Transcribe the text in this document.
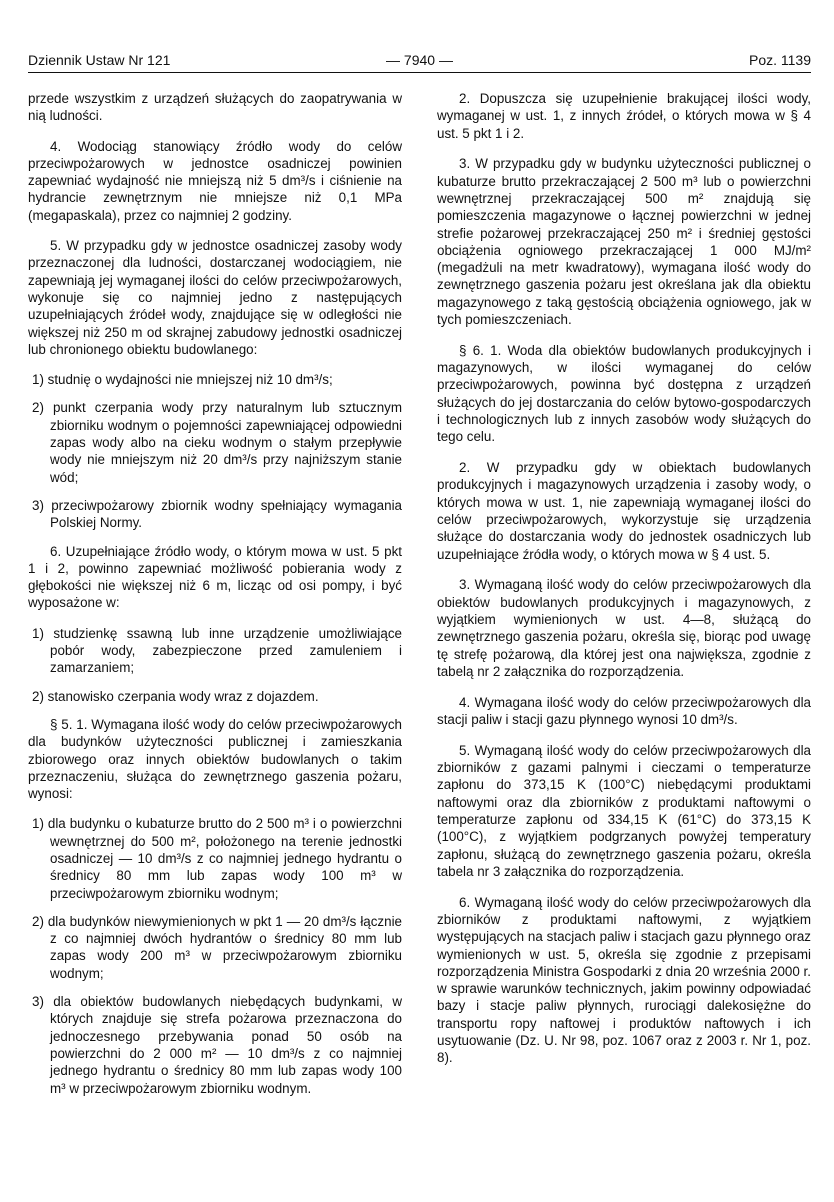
Dziennik Ustaw Nr 121	— 7940 —	Poz. 1139

przede wszystkim z urządzeń służących do zaopatrywania w nią ludności.

4. Wodociąg stanowiący źródło wody do celów przeciwpożarowych w jednostce osadniczej powinien zapewniać wydajność nie mniejszą niż 5 dm³/s i ciśnienie na hydrancie zewnętrznym nie mniejsze niż 0,1 MPa (megapaskala), przez co najmniej 2 godziny.

5. W przypadku gdy w jednostce osadniczej zasoby wody przeznaczonej dla ludności, dostarczanej wodociągiem, nie zapewniają jej wymaganej ilości do celów przeciwpożarowych, wykonuje się co najmniej jedno z następujących uzupełniających źródeł wody, znajdujące się w odległości nie większej niż 250 m od skrajnej zabudowy jednostki osadniczej lub chronionego obiektu budowlanego:

1) studnię o wydajności nie mniejszej niż 10 dm³/s;

2) punkt czerpania wody przy naturalnym lub sztucznym zbiorniku wodnym o pojemności zapewniającej odpowiedni zapas wody albo na cieku wodnym o stałym przepływie wody nie mniejszym niż 20 dm³/s przy najniższym stanie wód;

3) przeciwpożarowy zbiornik wodny spełniający wymagania Polskiej Normy.

6. Uzupełniające źródło wody, o którym mowa w ust. 5 pkt 1 i 2, powinno zapewniać możliwość pobierania wody z głębokości nie większej niż 6 m, licząc od osi pompy, i być wyposażone w:

1) studzienkę ssawną lub inne urządzenie umożliwiające pobór wody, zabezpieczone przed zamuleniem i zamarzaniem;

2) stanowisko czerpania wody wraz z dojazdem.

§ 5. 1. Wymagana ilość wody do celów przeciwpożarowych dla budynków użyteczności publicznej i zamieszkania zbiorowego oraz innych obiektów budowlanych o takim przeznaczeniu, służąca do zewnętrznego gaszenia pożaru, wynosi:

1) dla budynku o kubaturze brutto do 2 500 m³ i o powierzchni wewnętrznej do 500 m², położonego na terenie jednostki osadniczej — 10 dm³/s z co najmniej jednego hydrantu o średnicy 80 mm lub zapas wody 100 m³ w przeciwpożarowym zbiorniku wodnym;

2) dla budynków niewymienionych w pkt 1 — 20 dm³/s łącznie z co najmniej dwóch hydrantów o średnicy 80 mm lub zapas wody 200 m³ w przeciwpożarowym zbiorniku wodnym;

3) dla obiektów budowlanych niebędących budynkami, w których znajduje się strefa pożarowa przeznaczona do jednoczesnego przebywania ponad 50 osób na powierzchni do 2 000 m² — 10 dm³/s z co najmniej jednego hydrantu o średnicy 80 mm lub zapas wody 100 m³ w przeciwpożarowym zbiorniku wodnym.

2. Dopuszcza się uzupełnienie brakującej ilości wody, wymaganej w ust. 1, z innych źródeł, o których mowa w § 4 ust. 5 pkt 1 i 2.

3. W przypadku gdy w budynku użyteczności publicznej o kubaturze brutto przekraczającej 2 500 m³ lub o powierzchni wewnętrznej przekraczającej 500 m² znajdują się pomieszczenia magazynowe o łącznej powierzchni w jednej strefie pożarowej przekraczającej 250 m² i średniej gęstości obciążenia ogniowego przekraczającej 1 000 MJ/m² (megadżuli na metr kwadratowy), wymagana ilość wody do zewnętrznego gaszenia pożaru jest określana jak dla obiektu magazynowego z taką gęstością obciążenia ogniowego, jak w tych pomieszczeniach.

§ 6. 1. Woda dla obiektów budowlanych produkcyjnych i magazynowych, w ilości wymaganej do celów przeciwpożarowych, powinna być dostępna z urządzeń służących do jej dostarczania do celów bytowo-gospodarczych i technologicznych lub z innych zasobów wody służących do tego celu.

2. W przypadku gdy w obiektach budowlanych produkcyjnych i magazynowych urządzenia i zasoby wody, o których mowa w ust. 1, nie zapewniają wymaganej ilości do celów przeciwpożarowych, wykorzystuje się urządzenia służące do dostarczania wody do jednostek osadniczych lub uzupełniające źródła wody, o których mowa w § 4 ust. 5.

3. Wymaganą ilość wody do celów przeciwpożarowych dla obiektów budowlanych produkcyjnych i magazynowych, z wyjątkiem wymienionych w ust. 4—8, służącą do zewnętrznego gaszenia pożaru, określa się, biorąc pod uwagę tę strefę pożarową, dla której jest ona największa, zgodnie z tabelą nr 2 załącznika do rozporządzenia.

4. Wymagana ilość wody do celów przeciwpożarowych dla stacji paliw i stacji gazu płynnego wynosi 10 dm³/s.

5. Wymaganą ilość wody do celów przeciwpożarowych dla zbiorników z gazami palnymi i cieczami o temperaturze zapłonu do 373,15 K (100°C) niebędącymi produktami naftowymi oraz dla zbiorników z produktami naftowymi o temperaturze zapłonu od 334,15 K (61°C) do 373,15 K (100°C), z wyjątkiem podgrzanych powyżej temperatury zapłonu, służącą do zewnętrznego gaszenia pożaru, określa tabela nr 3 załącznika do rozporządzenia.

6. Wymaganą ilość wody do celów przeciwpożarowych dla zbiorników z produktami naftowymi, z wyjątkiem występujących na stacjach paliw i stacjach gazu płynnego oraz wymienionych w ust. 5, określa się zgodnie z przepisami rozporządzenia Ministra Gospodarki z dnia 20 września 2000 r. w sprawie warunków technicznych, jakim powinny odpowiadać bazy i stacje paliw płynnych, rurociągi dalekosiężne do transportu ropy naftowej i produktów naftowych i ich usytuowanie (Dz. U. Nr 98, poz. 1067 oraz z 2003 r. Nr 1, poz. 8).
